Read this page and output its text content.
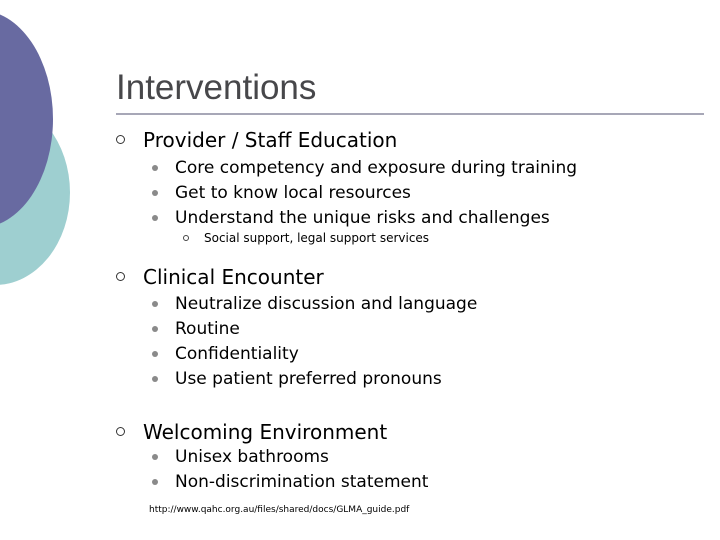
Interventions
Provider / Staff Education
Core competency and exposure during training
Get to know local resources
Understand the unique risks and challenges
Social support, legal support services
Clinical Encounter
Neutralize discussion and language
Routine
Confidentiality
Use patient preferred pronouns
Welcoming Environment
Unisex bathrooms
Non-discrimination statement
http://www.qahc.org.au/files/shared/docs/GLMA_guide.pdf
